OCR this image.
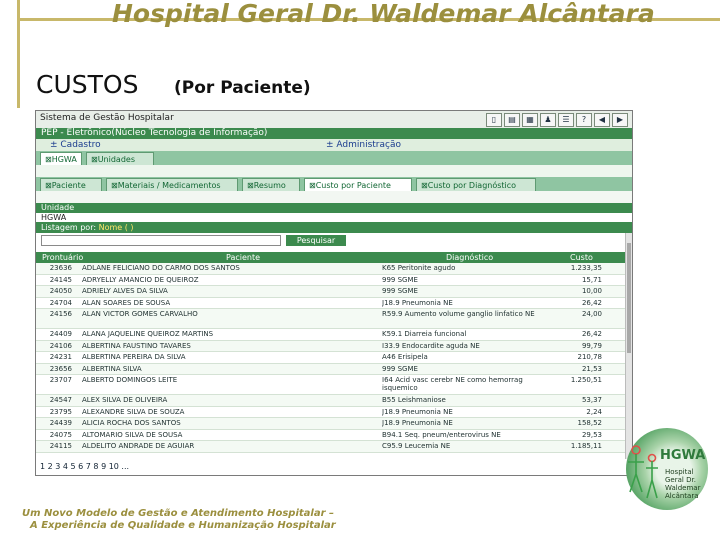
Hospital Geral Dr. Waldemar Alcântara
CUSTOS (Por Paciente)
Sistema de Gestão Hospitalar	▯	▤	▦	♟	☰	?	◀	▶
PEP - Eletrônico(Núcleo Tecnologia de Informação)
± Cadastro	± Administração
⊠HGWA	⊠Unidades
⊠Paciente	⊠Materiais / Medicamentos	⊠Resumo	⊠Custo por Paciente	⊠Custo por Diagnóstico
Unidade
HGWA
Listagem por: Nome ( )
Pesquisar
Prontuário	Paciente	Diagnóstico	Custo
23636 ADLANE FELICIANO DO CARMO DOS SANTOS	K65 Peritonite agudo	1.233,35
24145 ADRYELLY AMANCIO DE QUEIROZ	999 SGME	15,71
24050 ADRIELY ALVES DA SILVA	999 SGME	10,00
24704 ALAN SOARES DE SOUSA	J18.9 Pneumonia NE	26,42
24156 ALAN VICTOR GOMES CARVALHO	R59.9 Aumento volume ganglio linfatico NE	24,00
24409 ALANA JAQUELINE QUEIROZ MARTINS	K59.1 Diarreia funcional	26,42
24106 ALBERTINA FAUSTINO TAVARES	I33.9 Endocardite aguda NE	99,79
24231 ALBERTINA PEREIRA DA SILVA	A46 Erisipela	210,78
23656 ALBERTINA SILVA	999 SGME	21,53
23707 ALBERTO DOMINGOS LEITE	I64 Acid vasc cerebr NE como hemorrag isquemico
1.250,51
24547 ALEX SILVA DE OLIVEIRA	B55 Leishmaniose	53,37
23795 ALEXANDRE SILVA DE SOUZA	J18.9 Pneumonia NE	2,24
24439 ALICIA ROCHA DOS SANTOS	J18.9 Pneumonia NE	158,52
24075 ALTOMARIO SILVA DE SOUSA	B94.1 Seq. pneum/enterovirus NE	29,53
24115 ALDELITO ANDRADE DE AGUIAR	C95.9 Leucemia NE	1.185,11
1 2 3 4 5 6 7 8 9 10 ...
HGWA
Hospital Geral Dr. Waldemar Alcântara
Um Novo Modelo de Gestão e Atendimento Hospitalar –
A Experiência de Qualidade e Humanização Hospitalar
